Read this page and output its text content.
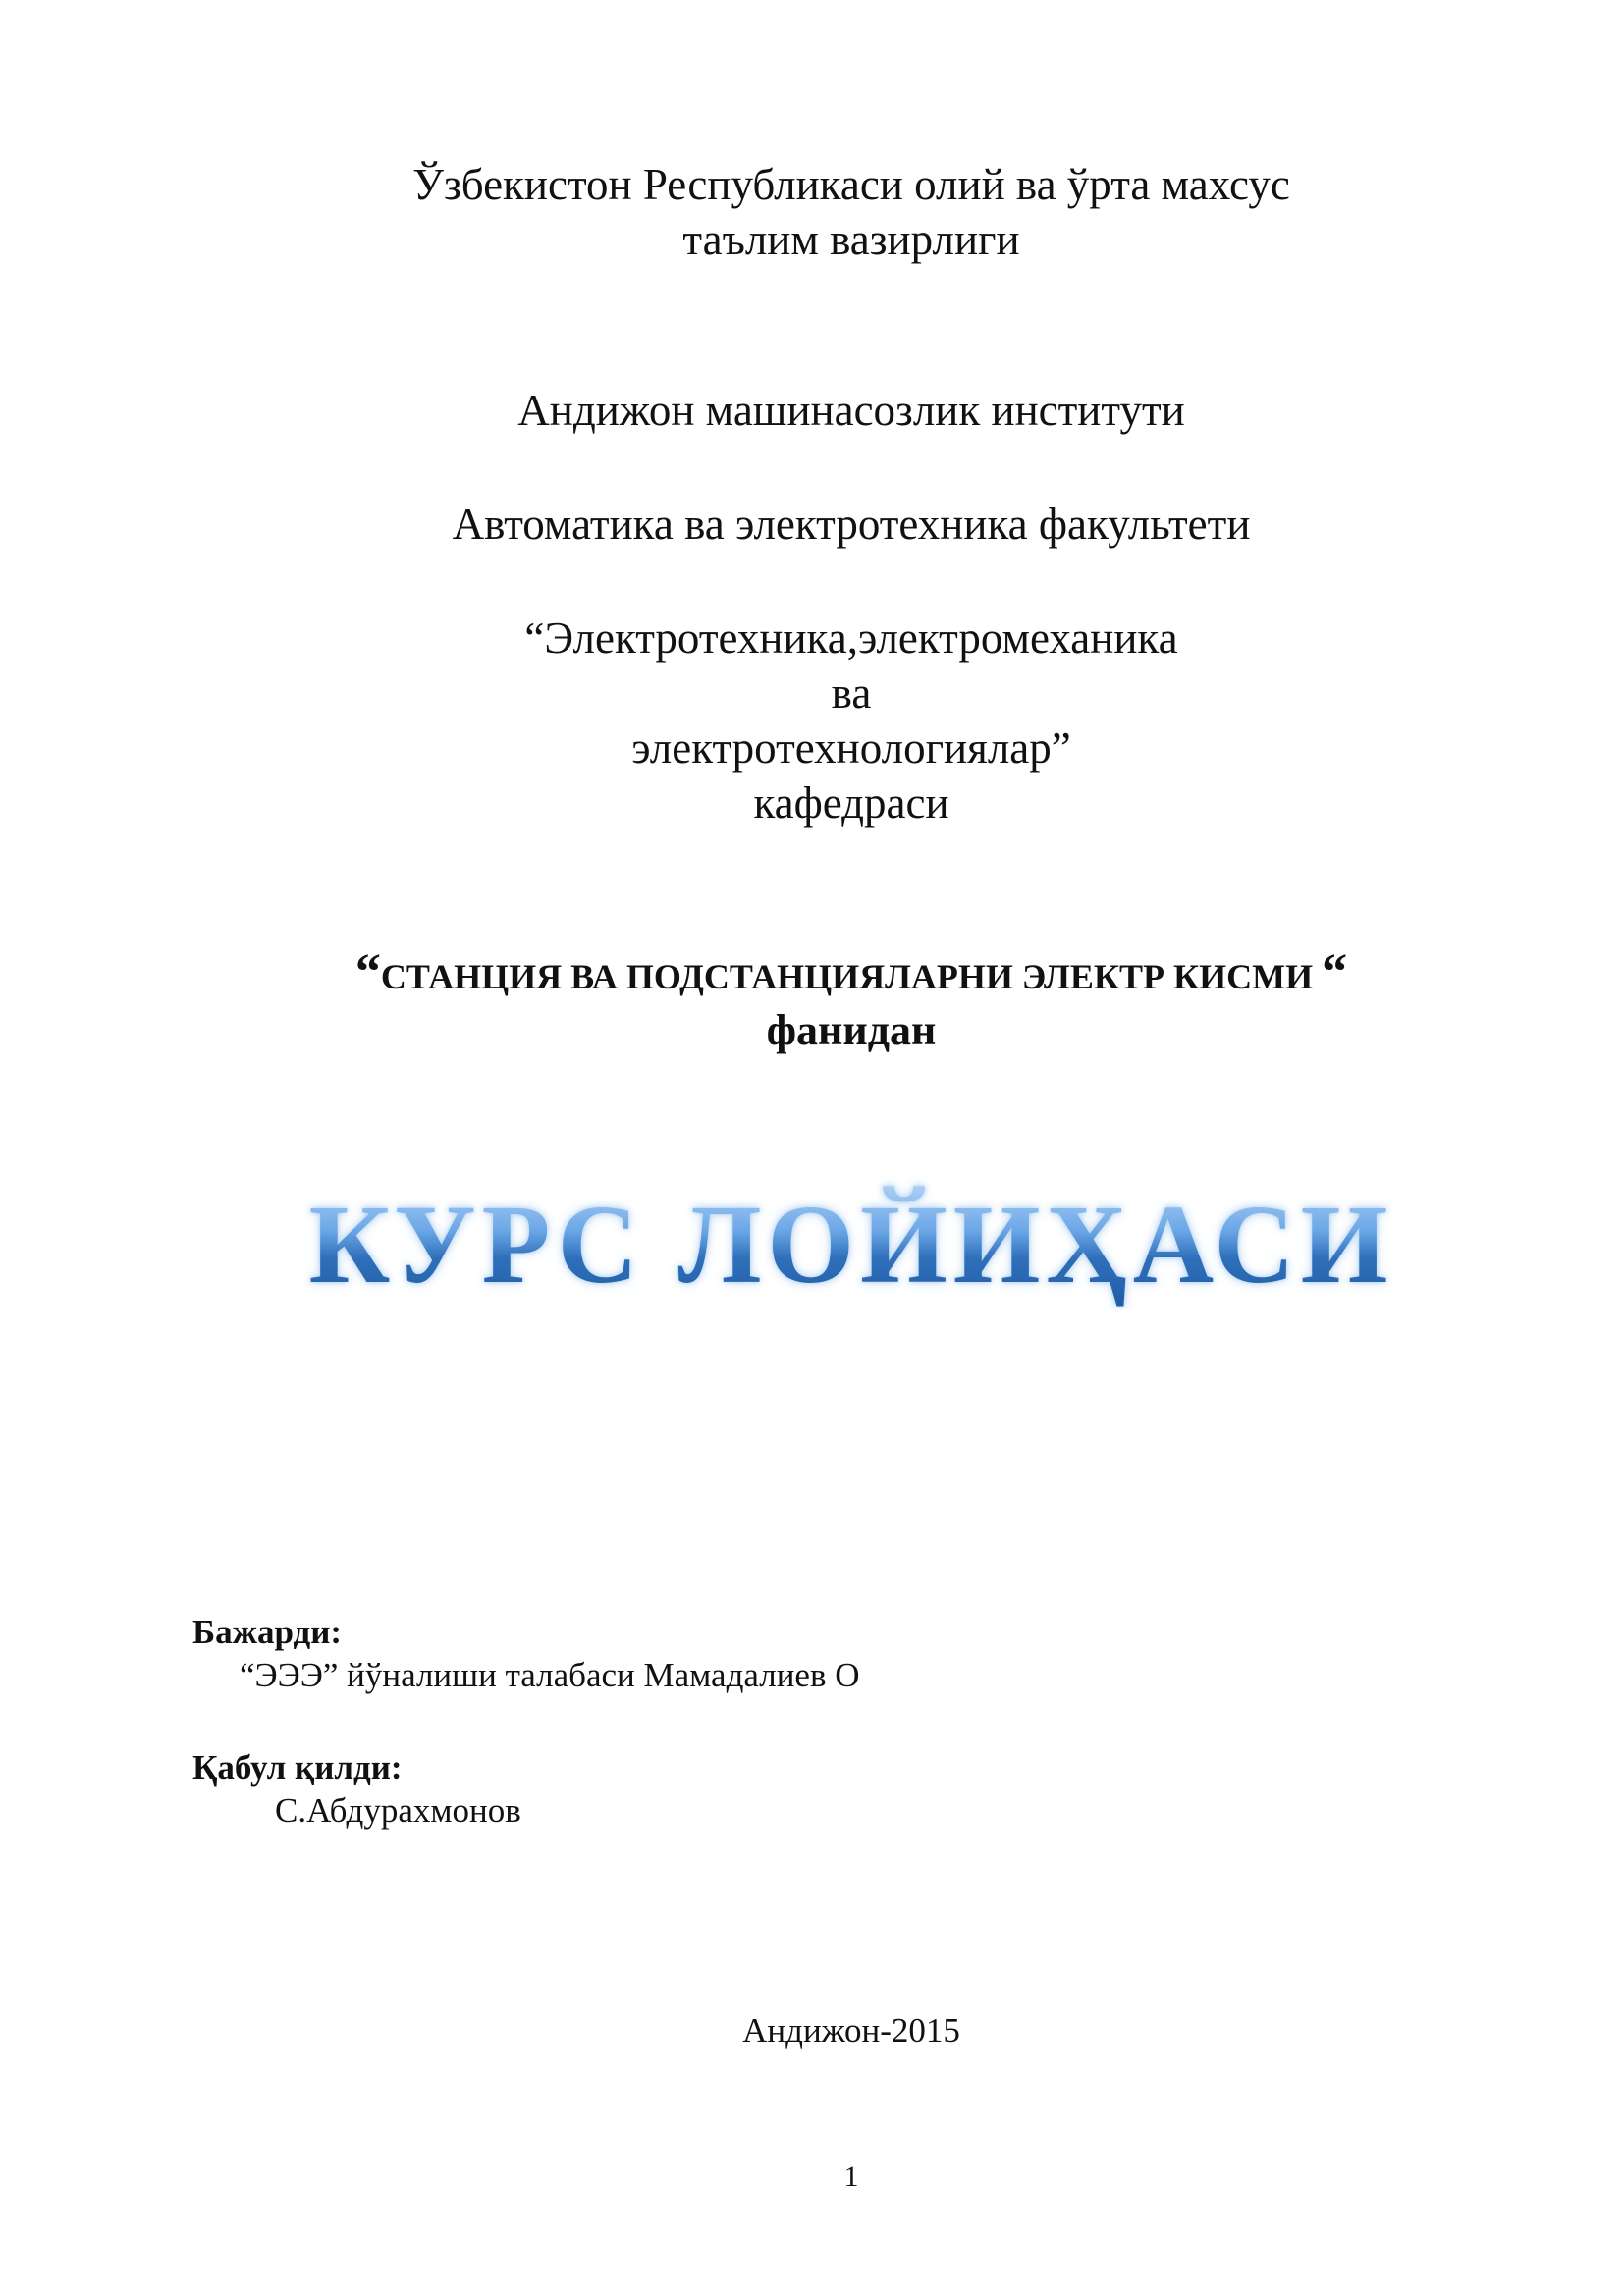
Ўзбекистон Республикаси олий ва ўрта махсус
таълим вазирлиги
Андижон машинасозлик институти
Автоматика ва электротехника факультети
“Электротехника,электромеханика
ва
электротехнологиялар”
кафедраси
“СТАНЦИЯ ВА ПОДСТАНЦИЯЛАРНИ ЭЛЕКТР КИСМИ “
фанидан
КУРС ЛОЙИҲАСИ
Бажарди:
“ЭЭЭ” йўналиши талабаси Мамадалиев О
Қабул қилди:
С.Абдурахмонов
Андижон-2015
1
